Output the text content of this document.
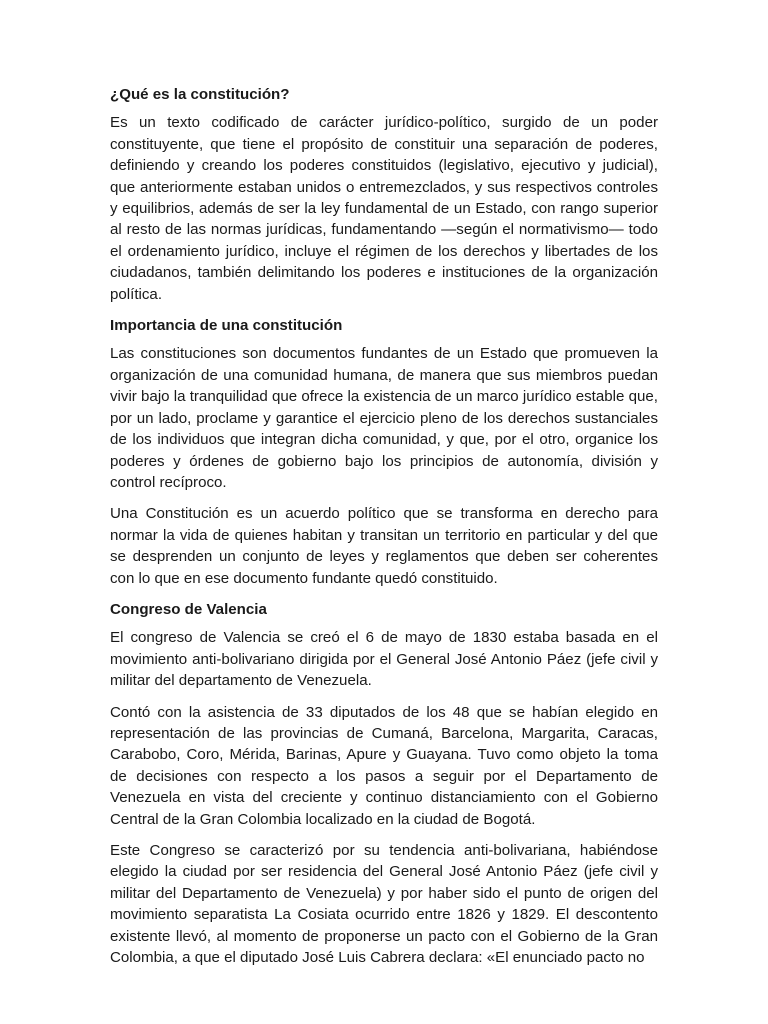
¿Qué es la constitución?

Es un texto codificado de carácter jurídico-político, surgido de un poder constituyente, que tiene el propósito de constituir una separación de poderes, definiendo y creando los poderes constituidos (legislativo, ejecutivo y judicial), que anteriormente estaban unidos o entremezclados, y sus respectivos controles y equilibrios, además de ser la ley fundamental de un Estado, con rango superior al resto de las normas jurídicas, fundamentando —según el normativismo— todo el ordenamiento jurídico, incluye el régimen de los derechos y libertades de los ciudadanos, también delimitando los poderes e instituciones de la organización política.

Importancia de una constitución

Las constituciones son documentos fundantes de un Estado que promueven la organización de una comunidad humana, de manera que sus miembros puedan vivir bajo la tranquilidad que ofrece la existencia de un marco jurídico estable que, por un lado, proclame y garantice el ejercicio pleno de los derechos sustanciales de los individuos que integran dicha comunidad, y que, por el otro, organice los poderes y órdenes de gobierno bajo los principios de autonomía, división y control recíproco.

Una Constitución es un acuerdo político que se transforma en derecho para normar la vida de quienes habitan y transitan un territorio en particular y del que se desprenden un conjunto de leyes y reglamentos que deben ser coherentes con lo que en ese documento fundante quedó constituido.

Congreso de Valencia

El congreso de Valencia se creó el 6 de mayo de 1830 estaba basada en el movimiento anti-bolivariano dirigida por el General José Antonio Páez (jefe civil y militar del departamento de Venezuela.

Contó con la asistencia de 33 diputados de los 48 que se habían elegido en representación de las provincias de Cumaná, Barcelona, Margarita, Caracas, Carabobo, Coro, Mérida, Barinas, Apure y Guayana. Tuvo como objeto la toma de decisiones con respecto a los pasos a seguir por el Departamento de Venezuela en vista del creciente y continuo distanciamiento con el Gobierno Central de la Gran Colombia localizado en la ciudad de Bogotá.

Este Congreso se caracterizó por su tendencia anti-bolivariana, habiéndose elegido la ciudad por ser residencia del General José Antonio Páez (jefe civil y militar del Departamento de Venezuela) y por haber sido el punto de origen del movimiento separatista La Cosiata ocurrido entre 1826 y 1829. El descontento existente llevó, al momento de proponerse un pacto con el Gobierno de la Gran Colombia, a que el diputado José Luis Cabrera declara: «El enunciado pacto no
